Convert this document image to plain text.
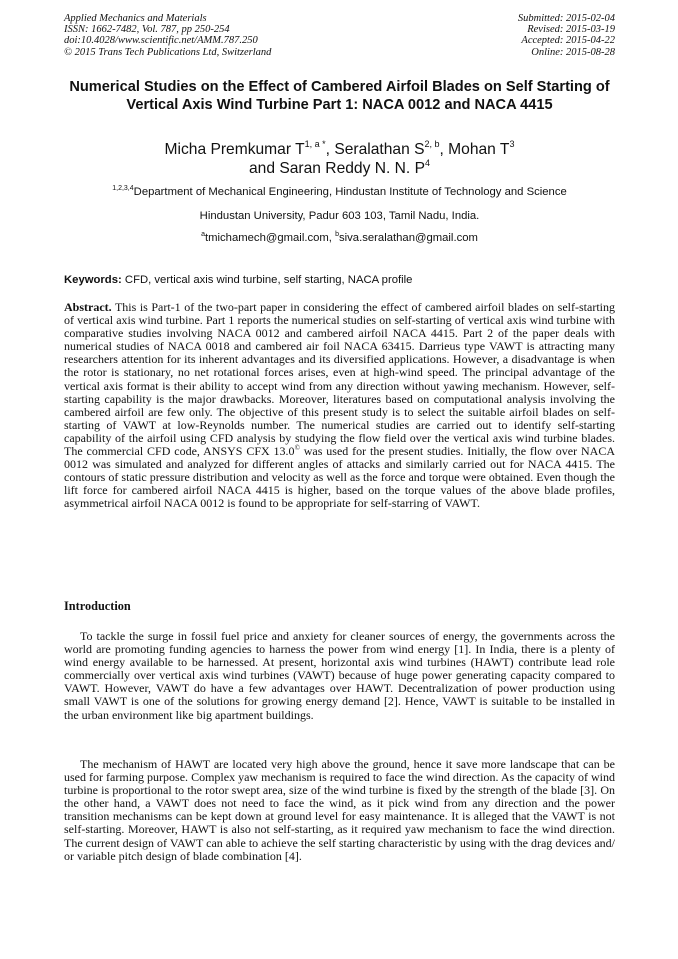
Applied Mechanics and Materials
ISSN: 1662-7482, Vol. 787, pp 250-254
doi:10.4028/www.scientific.net/AMM.787.250
© 2015 Trans Tech Publications Ltd, Switzerland
Submitted: 2015-02-04
Revised: 2015-03-19
Accepted: 2015-04-22
Online: 2015-08-28
Numerical Studies on the Effect of Cambered Airfoil Blades on Self Starting of Vertical Axis Wind Turbine Part 1: NACA 0012 and NACA 4415
Micha Premkumar $T^{1, a *}$, Seralathan S$^{2, b}$, Mohan $T^3$
and Saran Reddy N. N. $P^4$
$^{1,2,3,4}$Department of Mechanical Engineering, Hindustan Institute of Technology and Science
Hindustan University, Padur 603 103, Tamil Nadu, India.
$^a$tmichamech@gmail.com, $^b$siva.seralathan@gmail.com
Keywords: CFD, vertical axis wind turbine, self starting, NACA profile

Abstract. This is Part-1 of the two-part paper in considering the effect of cambered airfoil blades on self-starting of vertical axis wind turbine. Part 1 reports the numerical studies on self-starting of vertical axis wind turbine with comparative studies involving NACA 0012 and cambered airfoil NACA 4415. Part 2 of the paper deals with numerical studies of NACA 0018 and cambered air foil NACA 63415. Darrieus type VAWT is attracting many researchers attention for its inherent advantages and its diversified applications. However, a disadvantage is when the rotor is stationary, no net rotational forces arises, even at high-wind speed. The principal advantage of the vertical axis format is their ability to accept wind from any direction without yawing mechanism. However, self-starting capability is the major drawbacks. Moreover, literatures based on computational analysis involving the cambered airfoil are few only. The objective of this present study is to select the suitable airfoil blades on self-starting of VAWT at low-Reynolds number. The numerical studies are carried out to identify self-starting capability of the airfoil using CFD analysis by studying the flow field over the vertical axis wind turbine blades. The commercial CFD code, ANSYS CFX 13.0© was used for the present studies. Initially, the flow over NACA 0012 was simulated and analyzed for different angles of attacks and similarly carried out for NACA 4415. The contours of static pressure distribution and velocity as well as the force and torque were obtained. Even though the lift force for cambered airfoil NACA 4415 is higher, based on the torque values of the above blade profiles, asymmetrical airfoil NACA 0012 is found to be appropriate for self-starring of VAWT.

Introduction

To tackle the surge in fossil fuel price and anxiety for cleaner sources of energy, the governments across the world are promoting funding agencies to harness the power from wind energy [1]. In India, there is a plenty of wind energy available to be harnessed. At present, horizontal axis wind turbines (HAWT) contribute lead role commercially over vertical axis wind turbines (VAWT) because of huge power generating capacity compared to VAWT. However, VAWT do have a few advantages over HAWT. Decentralization of power production using small VAWT is one of the solutions for growing energy demand [2]. Hence, VAWT is suitable to be installed in the urban environment like big apartment buildings.

The mechanism of HAWT are located very high above the ground, hence it save more landscape that can be used for farming purpose. Complex yaw mechanism is required to face the wind direction. As the capacity of wind turbine is proportional to the rotor swept area, size of the wind turbine is fixed by the strength of the blade [3]. On the other hand, a VAWT does not need to face the wind, as it pick wind from any direction and the power transition mechanisms can be kept down at ground level for easy maintenance. It is alleged that the VAWT is not self-starting. Moreover, HAWT is also not self-starting, as it required yaw mechanism to face the wind direction. The current design of VAWT can able to achieve the self starting characteristic by using with the drag devices and/ or variable pitch design of blade combination [4].
